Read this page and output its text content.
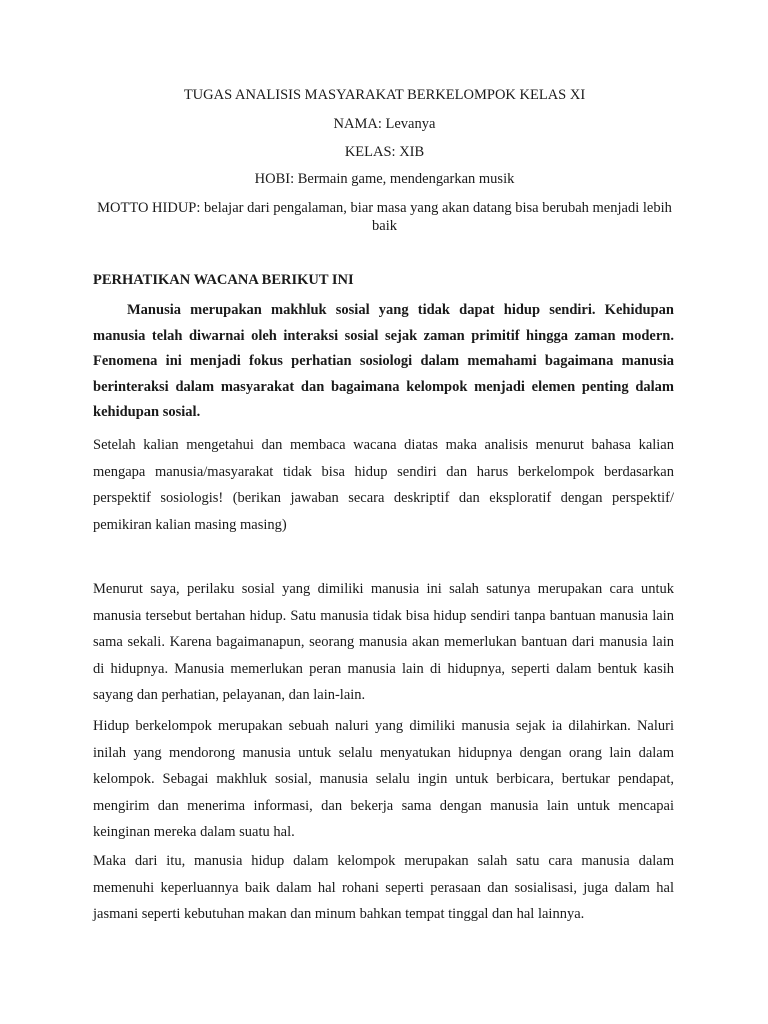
TUGAS ANALISIS MASYARAKAT BERKELOMPOK KELAS XI
NAMA: Levanya
KELAS: XIB
HOBI: Bermain game, mendengarkan musik
MOTTO HIDUP: belajar dari pengalaman, biar masa yang akan datang bisa berubah menjadi lebih baik
PERHATIKAN WACANA BERIKUT INI
Manusia merupakan makhluk sosial yang tidak dapat hidup sendiri. Kehidupan manusia telah diwarnai oleh interaksi sosial sejak zaman primitif hingga zaman modern. Fenomena ini menjadi fokus perhatian sosiologi dalam memahami bagaimana manusia berinteraksi dalam masyarakat dan bagaimana kelompok menjadi elemen penting dalam kehidupan sosial.
Setelah kalian mengetahui dan membaca wacana diatas maka analisis menurut bahasa kalian mengapa manusia/masyarakat tidak bisa hidup sendiri dan harus berkelompok berdasarkan perspektif sosiologis! (berikan jawaban secara deskriptif dan eksploratif dengan perspektif/ pemikiran kalian masing masing)
Menurut saya, perilaku sosial yang dimiliki manusia ini salah satunya merupakan cara untuk manusia tersebut bertahan hidup. Satu manusia tidak bisa hidup sendiri tanpa bantuan manusia lain sama sekali. Karena bagaimanapun, seorang manusia akan memerlukan bantuan dari manusia lain di hidupnya. Manusia memerlukan peran manusia lain di hidupnya, seperti dalam bentuk kasih sayang dan perhatian, pelayanan, dan lain-lain.
Hidup berkelompok merupakan sebuah naluri yang dimiliki manusia sejak ia dilahirkan. Naluri inilah yang mendorong manusia untuk selalu menyatukan hidupnya dengan orang lain dalam kelompok. Sebagai makhluk sosial, manusia selalu ingin untuk berbicara, bertukar pendapat, mengirim dan menerima informasi, dan bekerja sama dengan manusia lain untuk mencapai keinginan mereka dalam suatu hal.
Maka dari itu, manusia hidup dalam kelompok merupakan salah satu cara manusia dalam memenuhi keperluannya baik dalam hal rohani seperti perasaan dan sosialisasi, juga dalam hal jasmani seperti kebutuhan makan dan minum bahkan tempat tinggal dan hal lainnya.
